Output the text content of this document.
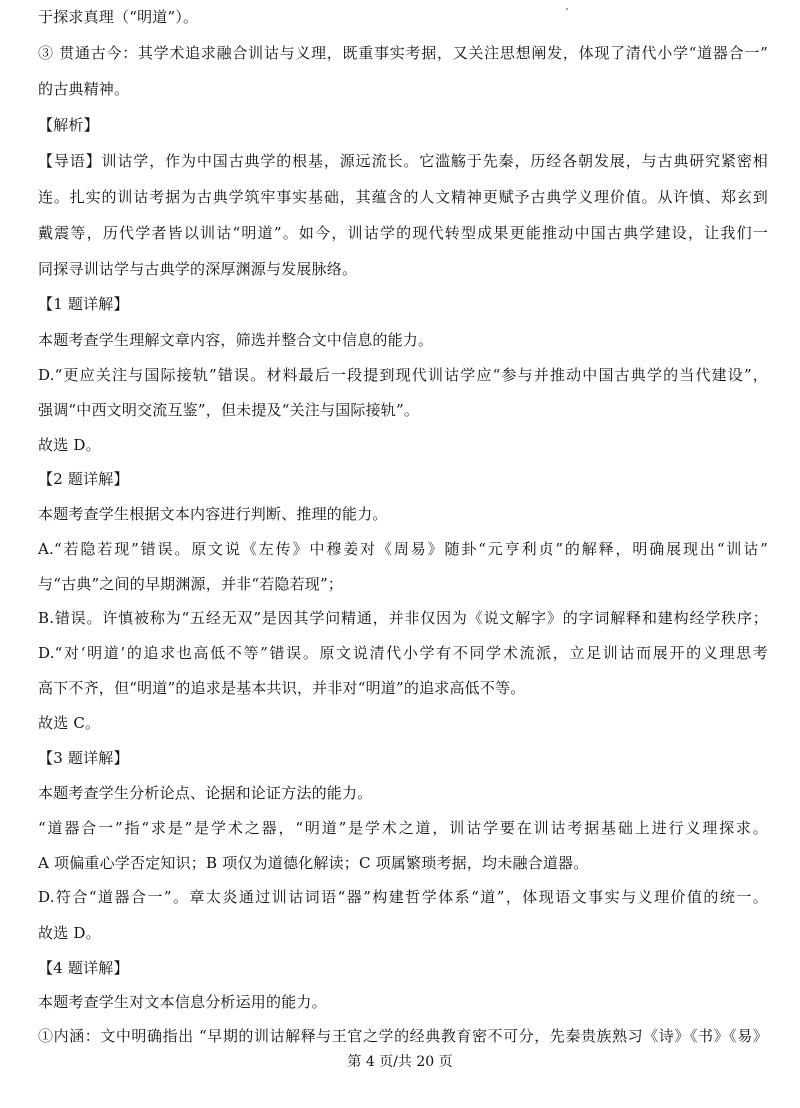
于探求真理（“明道”）。
③ 贯通古今：其学术追求融合训诂与义理，既重事实考据，又关注思想阐发，体现了清代小学“道器合一”
的古典精神。
【解析】
【导语】训诂学，作为中国古典学的根基，源远流长。它滥觞于先秦，历经各朝发展，与古典研究紧密相
连。扎实的训诂考据为古典学筑牢事实基础，其蕴含的人文精神更赋予古典学义理价值。从许慎、郑玄到
戴震等，历代学者皆以训诂“明道”。如今，训诂学的现代转型成果更能推动中国古典学建设，让我们一
同探寻训诂学与古典学的深厚渊源与发展脉络。
【1 题详解】
本题考查学生理解文章内容，筛选并整合文中信息的能力。
D.“更应关注与国际接轨”错误。材料最后一段提到现代训诂学应“参与并推动中国古典学的当代建设”，
强调“中西文明交流互鉴”，但未提及“关注与国际接轨”。
故选 D。
【2 题详解】
本题考查学生根据文本内容进行判断、推理的能力。
A.“若隐若现”错误。原文说《左传》中穆姜对《周易》随卦“元亨利贞”的解释，明确展现出“训诂”
与“古典”之间的早期渊源，并非“若隐若现”；
B.错误。许慎被称为“五经无双”是因其学问精通，并非仅因为《说文解字》的字词解释和建构经学秩序；
D.“对‘明道’的追求也高低不等”错误。原文说清代小学有不同学术流派，立足训诂而展开的义理思考
高下不齐，但“明道”的追求是基本共识，并非对“明道”的追求高低不等。
故选 C。
【3 题详解】
本题考查学生分析论点、论据和论证方法的能力。
“道器合一”指“求是”是学术之器，“明道”是学术之道，训诂学要在训诂考据基础上进行义理探求。
A 项偏重心学否定知识；B 项仅为道德化解读；C 项属繁琐考据，均未融合道器。
D.符合“道器合一”。章太炎通过训诂词语“器”构建哲学体系“道”，体现语文事实与义理价值的统一。
故选 D。
【4 题详解】
本题考查学生对文本信息分析运用的能力。
①内涵：文中明确指出 “早期的训诂解释与王官之学的经典教育密不可分，先秦贵族熟习《诗》《书》《易》
第 4 页/共 20 页
